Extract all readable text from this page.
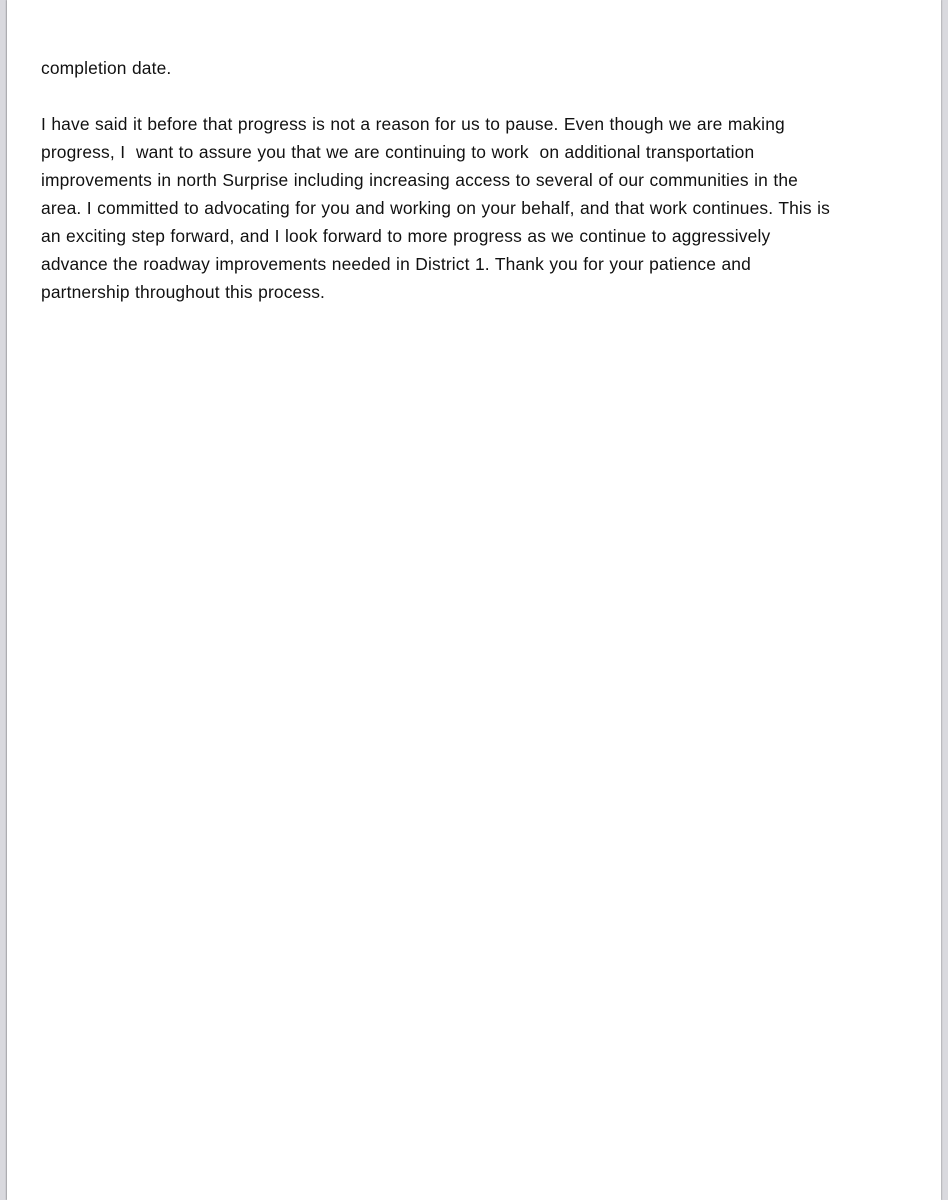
completion date.
I have said it before that progress is not a reason for us to pause. Even though we are making
progress, I  want to assure you that we are continuing to work  on additional transportation
improvements in north Surprise including increasing access to several of our communities in the
area. I committed to advocating for you and working on your behalf, and that work continues. This is
an exciting step forward, and I look forward to more progress as we continue to aggressively
advance the roadway improvements needed in District 1. Thank you for your patience and
partnership throughout this process.
